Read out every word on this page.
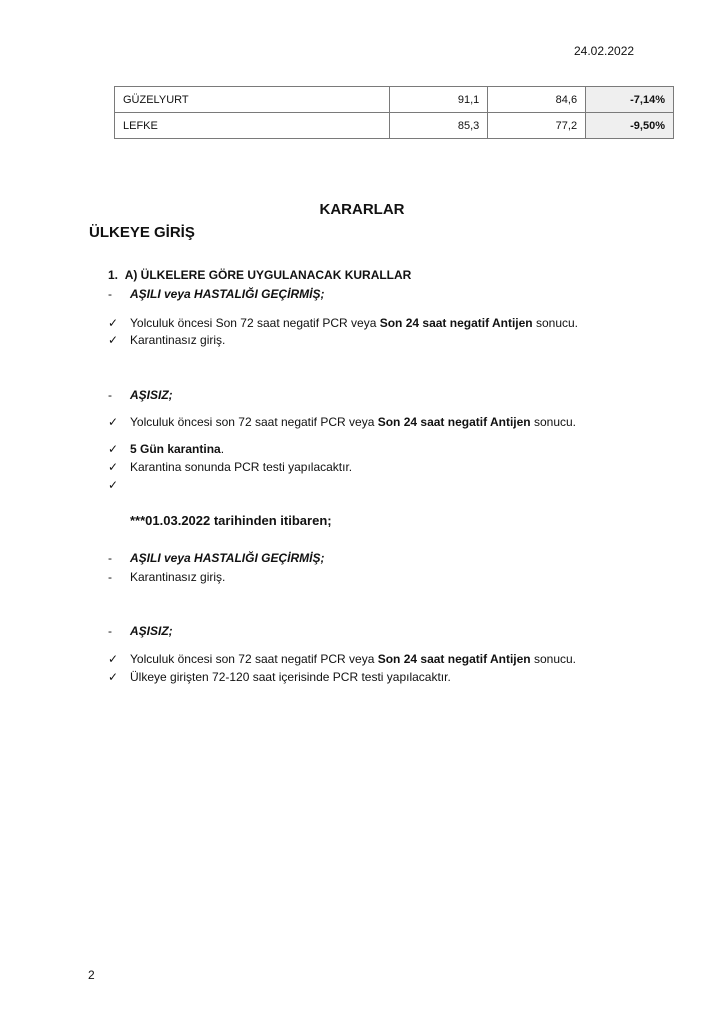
24.02.2022
GÜZELYURT	91,1	84,6	-7,14%
LEFKE	85,3	77,2	-9,50%
KARARLAR
ÜLKEYE GİRİŞ
1. A) ÜLKELERE GÖRE UYGULANACAK KURALLAR
- AŞILI veya HASTALIĞI GEÇİRMİŞ;
✓ Yolculuk öncesi Son 72 saat negatif PCR veya Son 24 saat negatif Antijen sonucu.
✓ Karantinasız giriş.
- AŞISIZ;
✓ Yolculuk öncesi son 72 saat negatif PCR veya Son 24 saat negatif Antijen sonucu.
✓ 5 Gün karantina.
✓ Karantina sonunda PCR testi yapılacaktır.
✓
***01.03.2022 tarihinden itibaren;
- AŞILI veya HASTALIĞI GEÇİRMİŞ;
- Karantinasız giriş.
- AŞISIZ;
✓ Yolculuk öncesi son 72 saat negatif PCR veya Son 24 saat negatif Antijen sonucu.
✓ Ülkeye girişten 72-120 saat içerisinde PCR testi yapılacaktır.
2
